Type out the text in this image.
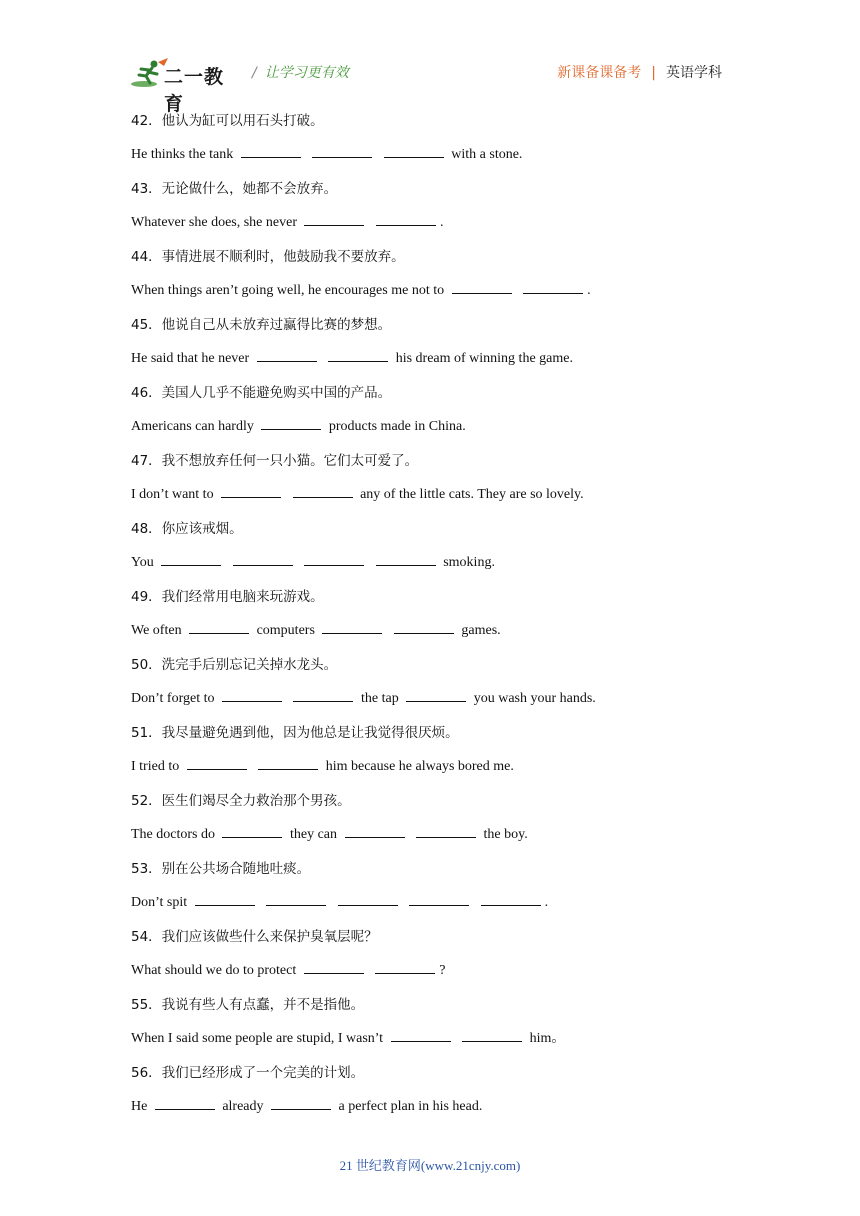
二一教育
/ 让学习更有效	新课备课备考 | 英语学科
42．他认为缸可以用石头打破。
He thinks the tank	with a stone.
43．无论做什么，她都不会放弃。
Whatever she does, she never	.
44．事情进展不顺利时，他鼓励我不要放弃。
When things aren’t going well, he encourages me not to	.
45．他说自己从未放弃过赢得比赛的梦想。
He said that he never	his dream of winning the game.
46．美国人几乎不能避免购买中国的产品。
Americans can hardly	products made in China.
47．我不想放弃任何一只小猫。它们太可爱了。
I don’t want to	any of the little cats. They are so lovely.
48．你应该戒烟。
You	smoking.
49．我们经常用电脑来玩游戏。
We often	computers	games.
50．洗完手后别忘记关掉水龙头。
Don’t forget to	the tap	you wash your hands.
51．我尽量避免遇到他，因为他总是让我觉得很厌烦。
I tried to	him because he always bored me.
52．医生们竭尽全力救治那个男孩。
The doctors do	they can	the boy.
53．别在公共场合随地吐痰。
Don’t spit	.
54．我们应该做些什么来保护臭氧层呢？
What should we do to protect	?
55．我说有些人有点蠢，并不是指他。
When I said some people are stupid, I wasn’t	him。
56．我们已经形成了一个完美的计划。
He	already	a perfect plan in his head.
21 世纪教育网(www.21cnjy.com)
